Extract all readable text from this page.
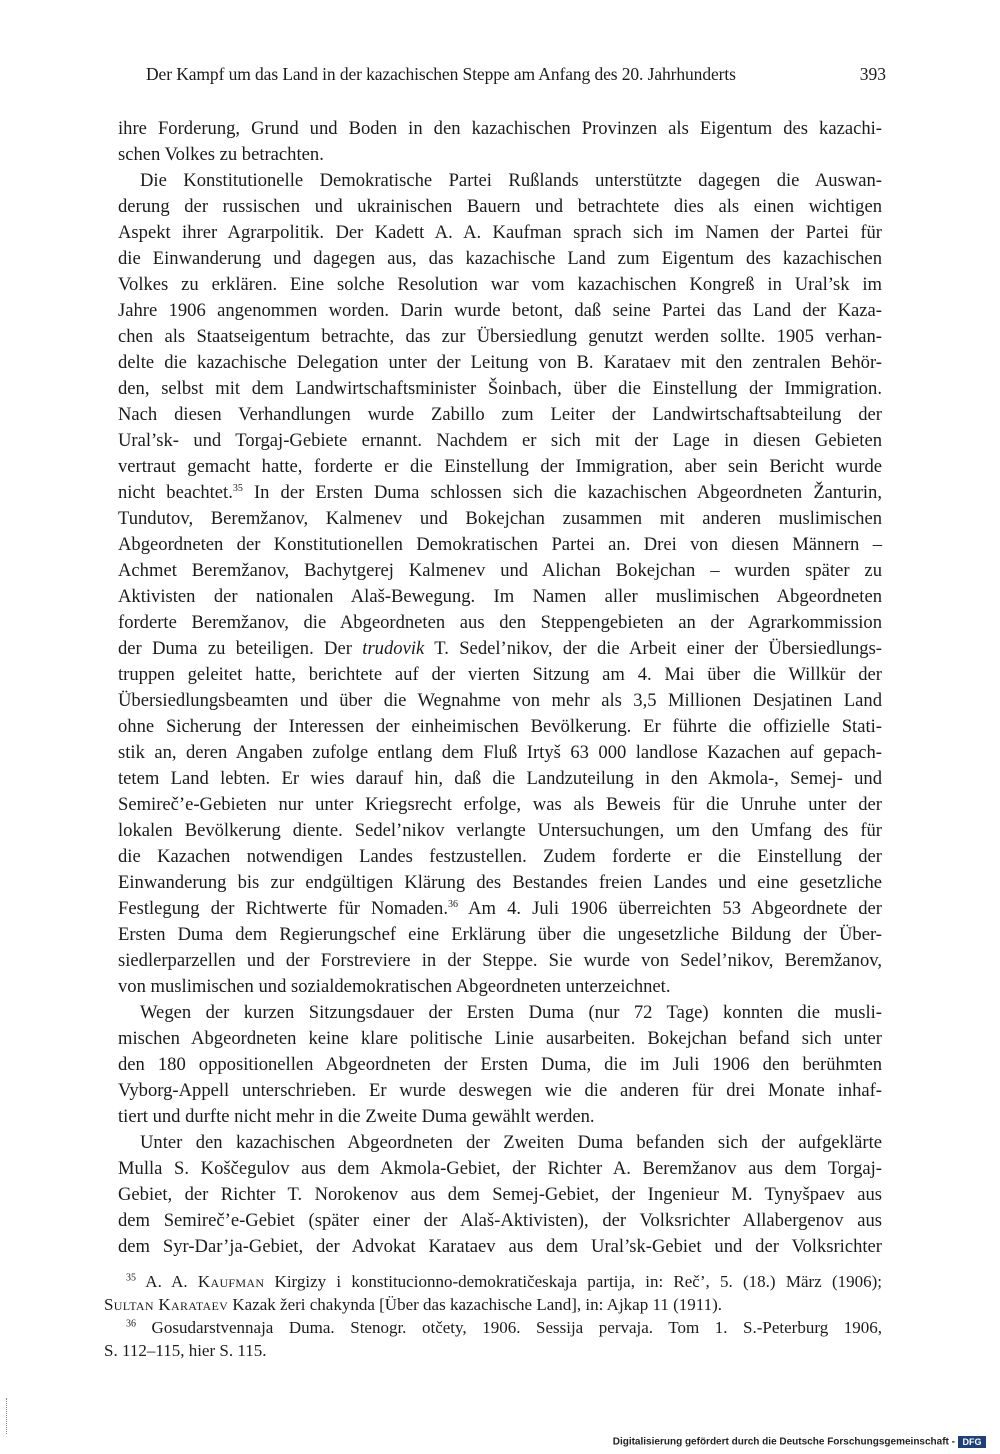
Der Kampf um das Land in der kazachischen Steppe am Anfang des 20. Jahrhunderts	393
ihre Forderung, Grund und Boden in den kazachischen Provinzen als Eigentum des kazachi-
schen Volkes zu betrachten.
Die Konstitutionelle Demokratische Partei Rußlands unterstützte dagegen die Auswan-
derung der russischen und ukrainischen Bauern und betrachtete dies als einen wichtigen
Aspekt ihrer Agrarpolitik. Der Kadett A. A. Kaufman sprach sich im Namen der Partei für
die Einwanderung und dagegen aus, das kazachische Land zum Eigentum des kazachischen
Volkes zu erklären. Eine solche Resolution war vom kazachischen Kongreß in Ural’sk im
Jahre 1906 angenommen worden. Darin wurde betont, daß seine Partei das Land der Kaza-
chen als Staatseigentum betrachte, das zur Übersiedlung genutzt werden sollte. 1905 verhan-
delte die kazachische Delegation unter der Leitung von B. Karataev mit den zentralen Behör-
den, selbst mit dem Landwirtschaftsminister Šoinbach, über die Einstellung der Immigration.
Nach diesen Verhandlungen wurde Zabillo zum Leiter der Landwirtschaftsabteilung der
Ural’sk- und Torgaj-Gebiete ernannt. Nachdem er sich mit der Lage in diesen Gebieten
vertraut gemacht hatte, forderte er die Einstellung der Immigration, aber sein Bericht wurde
nicht beachtet.$^{35}$ In der Ersten Duma schlossen sich die kazachischen Abgeordneten Žanturin,
Tundutov, Beremžanov, Kalmenev und Bokejchan zusammen mit anderen muslimischen
Abgeordneten der Konstitutionellen Demokratischen Partei an. Drei von diesen Männern –
Achmet Beremžanov, Bachytgerej Kalmenev und Alichan Bokejchan – wurden später zu
Aktivisten der nationalen Alaš-Bewegung. Im Namen aller muslimischen Abgeordneten
forderte Beremžanov, die Abgeordneten aus den Steppengebieten an der Agrarkommission
der Duma zu beteiligen. Der trudovik T. Sedel’nikov, der die Arbeit einer der Übersiedlungs-
truppen geleitet hatte, berichtete auf der vierten Sitzung am 4. Mai über die Willkür der
Übersiedlungsbeamten und über die Wegnahme von mehr als 3,5 Millionen Desjatinen Land
ohne Sicherung der Interessen der einheimischen Bevölkerung. Er führte die offizielle Stati-
stik an, deren Angaben zufolge entlang dem Fluß Irtyš 63 000 landlose Kazachen auf gepach-
tetem Land lebten. Er wies darauf hin, daß die Landzuteilung in den Akmola-, Semej- und
Semireč’e-Gebieten nur unter Kriegsrecht erfolge, was als Beweis für die Unruhe unter der
lokalen Bevölkerung diente. Sedel’nikov verlangte Untersuchungen, um den Umfang des für
die Kazachen notwendigen Landes festzustellen. Zudem forderte er die Einstellung der
Einwanderung bis zur endgültigen Klärung des Bestandes freien Landes und eine gesetzliche
Festlegung der Richtwerte für Nomaden.$^{36}$ Am 4. Juli 1906 überreichten 53 Abgeordnete der
Ersten Duma dem Regierungschef eine Erklärung über die ungesetzliche Bildung der Über-
siedlerparzellen und der Forstreviere in der Steppe. Sie wurde von Sedel’nikov, Beremžanov,
von muslimischen und sozialdemokratischen Abgeordneten unterzeichnet.
Wegen der kurzen Sitzungsdauer der Ersten Duma (nur 72 Tage) konnten die musli-
mischen Abgeordneten keine klare politische Linie ausarbeiten. Bokejchan befand sich unter
den 180 oppositionellen Abgeordneten der Ersten Duma, die im Juli 1906 den berühmten
Vyborg-Appell unterschrieben. Er wurde deswegen wie die anderen für drei Monate inhaf-
tiert und durfte nicht mehr in die Zweite Duma gewählt werden.
Unter den kazachischen Abgeordneten der Zweiten Duma befanden sich der aufgeklärte
Mulla S. Koščegulov aus dem Akmola-Gebiet, der Richter A. Beremžanov aus dem Torgaj-
Gebiet, der Richter T. Norokenov aus dem Semej-Gebiet, der Ingenieur M. Tynyšpaev aus
dem Semireč’e-Gebiet (später einer der Alaš-Aktivisten), der Volksrichter Allabergenov aus
dem Syr-Dar’ja-Gebiet, der Advokat Karataev aus dem Ural’sk-Gebiet und der Volksrichter
$^{35}$ A. A. Kaufman Kirgizy i konstitucionno-demokratičeskaja partija, in: Reč’, 5. (18.) März (1906);
Sultan Karataev Kazak žeri chakynda [Über das kazachische Land], in: Ajkap 11 (1911).
$^{36}$ Gosudarstvennaja Duma. Stenogr. otčety, 1906. Sessija pervaja. Tom 1. S.-Peterburg 1906,
S. 112–115, hier S. 115.
Digitalisierung gefördert durch die Deutsche Forschungsgemeinschaft - DFG
